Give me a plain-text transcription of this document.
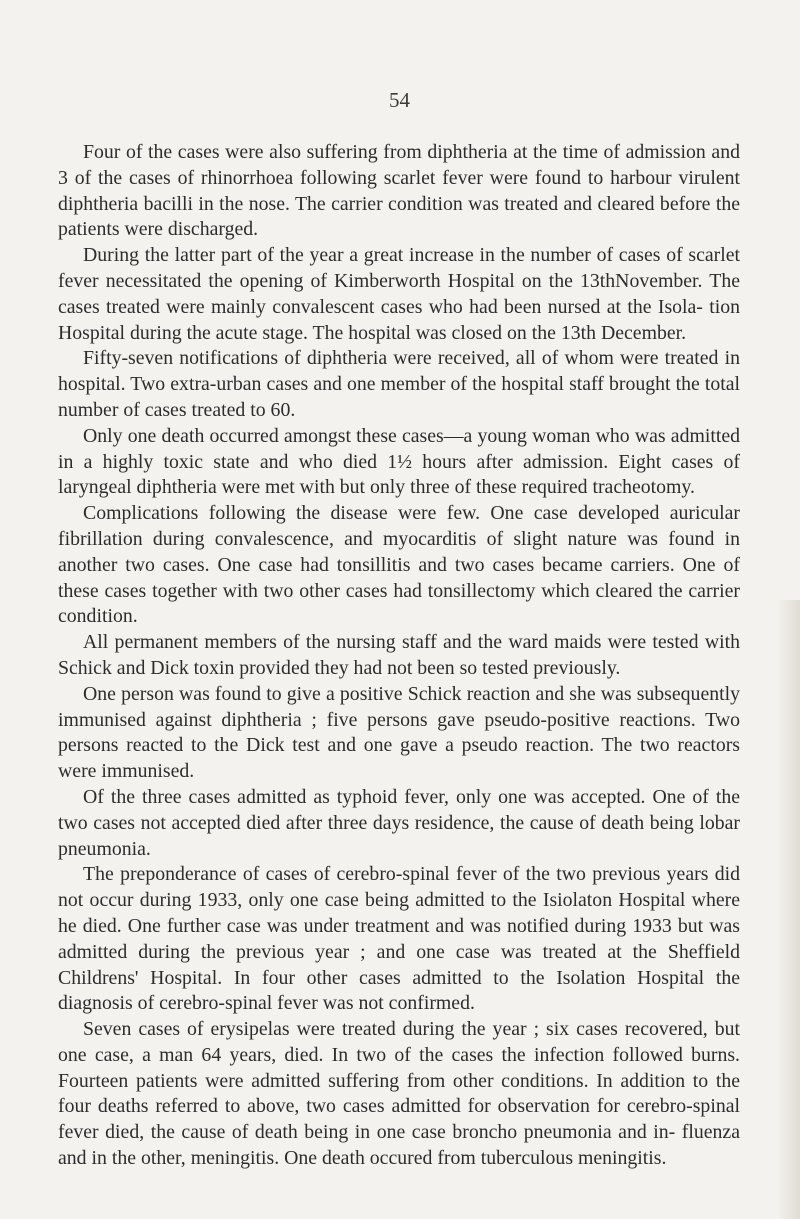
54

Four of the cases were also suffering from diphtheria at the time of admission and 3 of the cases of rhinorrhoea following scarlet fever were found to harbour virulent diphtheria bacilli in the nose. The carrier condition was treated and cleared before the patients were discharged.

During the latter part of the year a great increase in the number of cases of scarlet fever necessitated the opening of Kimberworth Hospital on the 13thNovember. The cases treated were mainly convalescent cases who had been nursed at the Isola- tion Hospital during the acute stage. The hospital was closed on the 13th December.

Fifty-seven notifications of diphtheria were received, all of whom were treated in hospital. Two extra-urban cases and one member of the hospital staff brought the total number of cases treated to 60.

Only one death occurred amongst these cases—a young woman who was admitted in a highly toxic state and who died 1½ hours after admission. Eight cases of laryngeal diphtheria were met with but only three of these required tracheotomy.

Complications following the disease were few. One case developed auricular fibrillation during convalescence, and myocarditis of slight nature was found in another two cases. One case had tonsillitis and two cases became carriers. One of these cases together with two other cases had tonsillectomy which cleared the carrier condition.

All permanent members of the nursing staff and the ward maids were tested with Schick and Dick toxin provided they had not been so tested previously.

One person was found to give a positive Schick reaction and she was subsequently immunised against diphtheria ; five persons gave pseudo-positive reactions. Two persons reacted to the Dick test and one gave a pseudo reaction. The two reactors were immunised.

Of the three cases admitted as typhoid fever, only one was accepted. One of the two cases not accepted died after three days residence, the cause of death being lobar pneumonia.

The preponderance of cases of cerebro-spinal fever of the two previous years did not occur during 1933, only one case being admitted to the Isiolaton Hospital where he died. One further case was under treatment and was notified during 1933 but was admitted during the previous year ; and one case was treated at the Sheffield Childrens' Hospital. In four other cases admitted to the Isolation Hospital the diagnosis of cerebro-spinal fever was not confirmed.

Seven cases of erysipelas were treated during the year ; six cases recovered, but one case, a man 64 years, died. In two of the cases the infection followed burns. Fourteen patients were admitted suffering from other conditions. In addition to the four deaths referred to above, two cases admitted for observation for cerebro-spinal fever died, the cause of death being in one case broncho pneumonia and in- fluenza and in the other, meningitis. One death occured from tuberculous meningitis.
